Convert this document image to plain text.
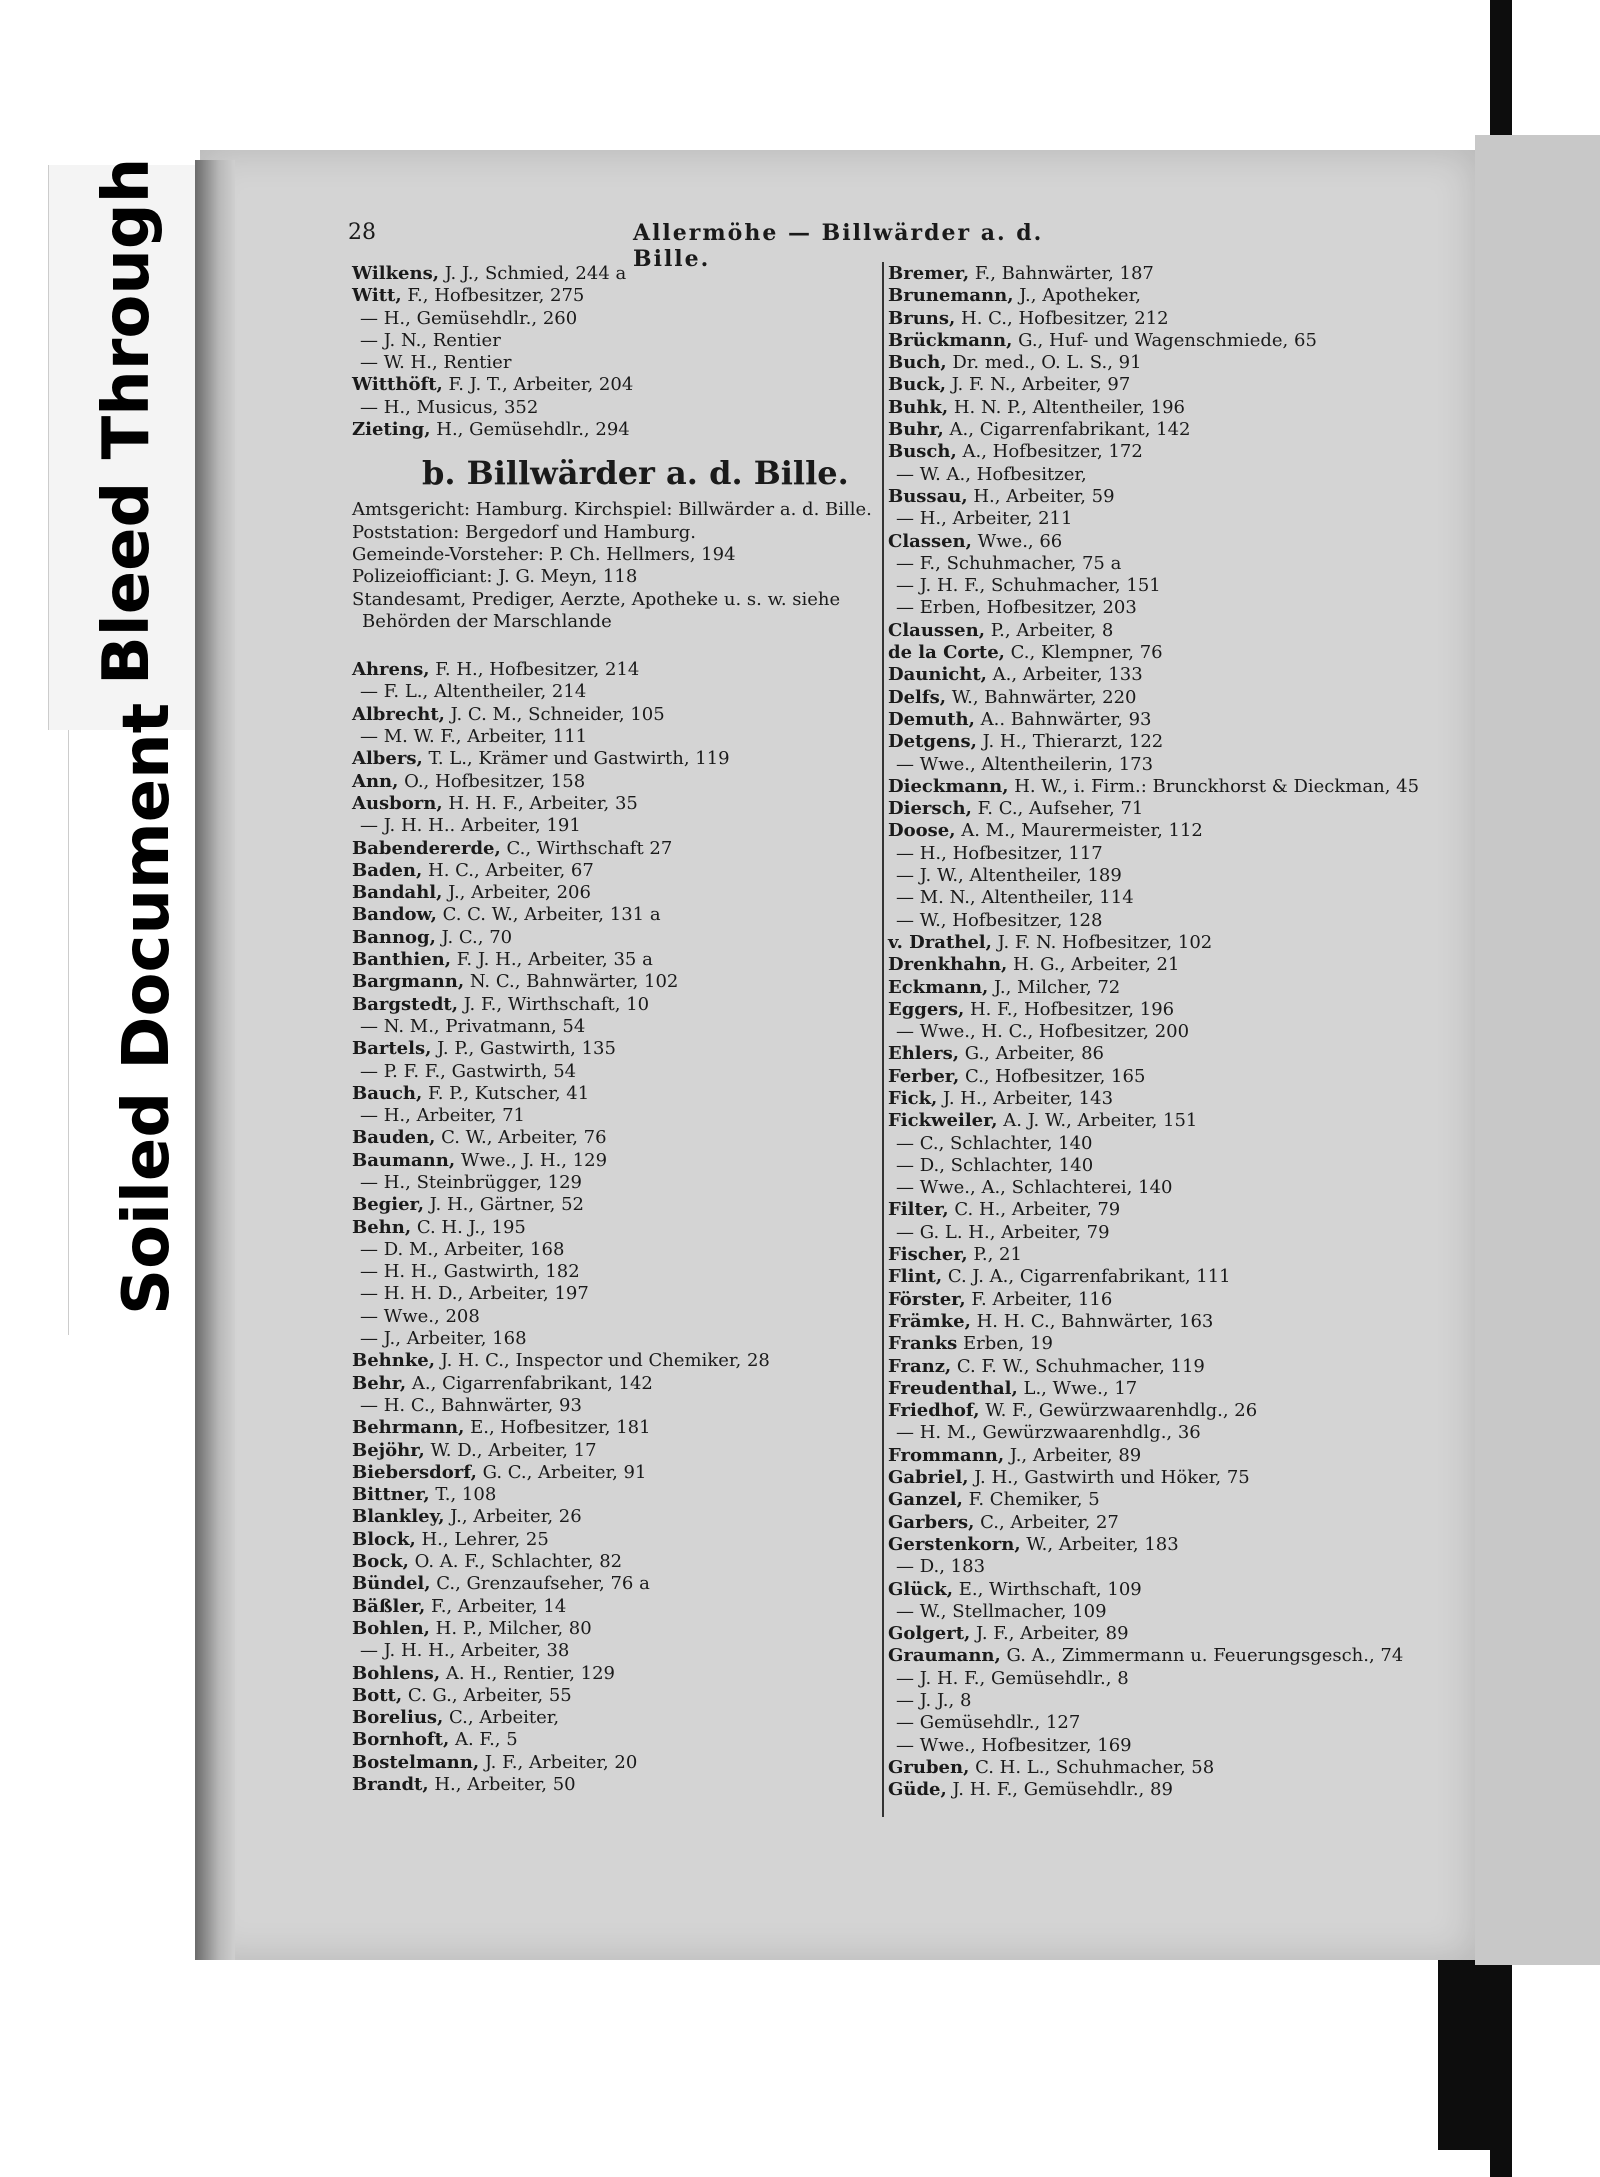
Bleed Through
Soiled Document
28	Allermöhe — Billwärder a. d. Bille.
Wilkens, J. J., Schmied, 244 a
Witt, F., Hofbesitzer, 275
— H., Gemüsehdlr., 260
— J. N., Rentier
— W. H., Rentier
Witthöft, F. J. T., Arbeiter, 204
— H., Musicus, 352
Zieting, H., Gemüsehdlr., 294
b. Billwärder a. d. Bille.
Amtsgericht: Hamburg. Kirchspiel: Billwärder a. d. Bille.
Poststation: Bergedorf und Hamburg.
Gemeinde-Vorsteher: P. Ch. Hellmers, 194
Polizeiofficiant: J. G. Meyn, 118
Standesamt, Prediger, Aerzte, Apotheke u. s. w. siehe
Behörden der Marschlande
Ahrens, F. H., Hofbesitzer, 214
— F. L., Altentheiler, 214
Albrecht, J. C. M., Schneider, 105
— M. W. F., Arbeiter, 111
Albers, T. L., Krämer und Gastwirth, 119
Ann, O., Hofbesitzer, 158
Ausborn, H. H. F., Arbeiter, 35
— J. H. H.. Arbeiter, 191
Babendererde, C., Wirthschaft 27
Baden, H. C., Arbeiter, 67
Bandahl, J., Arbeiter, 206
Bandow, C. C. W., Arbeiter, 131 a
Bannog, J. C., 70
Banthien, F. J. H., Arbeiter, 35 a
Bargmann, N. C., Bahnwärter, 102
Bargstedt, J. F., Wirthschaft, 10
— N. M., Privatmann, 54
Bartels, J. P., Gastwirth, 135
— P. F. F., Gastwirth, 54
Bauch, F. P., Kutscher, 41
— H., Arbeiter, 71
Bauden, C. W., Arbeiter, 76
Baumann, Wwe., J. H., 129
— H., Steinbrügger, 129
Begier, J. H., Gärtner, 52
Behn, C. H. J., 195
— D. M., Arbeiter, 168
— H. H., Gastwirth, 182
— H. H. D., Arbeiter, 197
— Wwe., 208
— J., Arbeiter, 168
Behnke, J. H. C., Inspector und Chemiker, 28
Behr, A., Cigarrenfabrikant, 142
— H. C., Bahnwärter, 93
Behrmann, E., Hofbesitzer, 181
Bejöhr, W. D., Arbeiter, 17
Biebersdorf, G. C., Arbeiter, 91
Bittner, T., 108
Blankley, J., Arbeiter, 26
Block, H., Lehrer, 25
Bock, O. A. F., Schlachter, 82
Bündel, C., Grenzaufseher, 76 a
Bäßler, F., Arbeiter, 14
Bohlen, H. P., Milcher, 80
— J. H. H., Arbeiter, 38
Bohlens, A. H., Rentier, 129
Bott, C. G., Arbeiter, 55
Borelius, C., Arbeiter,
Bornhoft, A. F., 5
Bostelmann, J. F., Arbeiter, 20
Brandt, H., Arbeiter, 50
Bremer, F., Bahnwärter, 187
Brunemann, J., Apotheker,
Bruns, H. C., Hofbesitzer, 212
Brückmann, G., Huf- und Wagenschmiede, 65
Buch, Dr. med., O. L. S., 91
Buck, J. F. N., Arbeiter, 97
Buhk, H. N. P., Altentheiler, 196
Buhr, A., Cigarrenfabrikant, 142
Busch, A., Hofbesitzer, 172
— W. A., Hofbesitzer,
Bussau, H., Arbeiter, 59
— H., Arbeiter, 211
Classen, Wwe., 66
— F., Schuhmacher, 75 a
— J. H. F., Schuhmacher, 151
— Erben, Hofbesitzer, 203
Claussen, P., Arbeiter, 8
de la Corte, C., Klempner, 76
Daunicht, A., Arbeiter, 133
Delfs, W., Bahnwärter, 220
Demuth, A.. Bahnwärter, 93
Detgens, J. H., Thierarzt, 122
— Wwe., Altentheilerin, 173
Dieckmann, H. W., i. Firm.: Brunckhorst & Dieckman, 45
Diersch, F. C., Aufseher, 71
Doose, A. M., Maurermeister, 112
— H., Hofbesitzer, 117
— J. W., Altentheiler, 189
— M. N., Altentheiler, 114
— W., Hofbesitzer, 128
v. Drathel, J. F. N. Hofbesitzer, 102
Drenkhahn, H. G., Arbeiter, 21
Eckmann, J., Milcher, 72
Eggers, H. F., Hofbesitzer, 196
— Wwe., H. C., Hofbesitzer, 200
Ehlers, G., Arbeiter, 86
Ferber, C., Hofbesitzer, 165
Fick, J. H., Arbeiter, 143
Fickweiler, A. J. W., Arbeiter, 151
— C., Schlachter, 140
— D., Schlachter, 140
— Wwe., A., Schlachterei, 140
Filter, C. H., Arbeiter, 79
— G. L. H., Arbeiter, 79
Fischer, P., 21
Flint, C. J. A., Cigarrenfabrikant, 111
Förster, F. Arbeiter, 116
Främke, H. H. C., Bahnwärter, 163
Franks Erben, 19
Franz, C. F. W., Schuhmacher, 119
Freudenthal, L., Wwe., 17
Friedhof, W. F., Gewürzwaarenhdlg., 26
— H. M., Gewürzwaarenhdlg., 36
Frommann, J., Arbeiter, 89
Gabriel, J. H., Gastwirth und Höker, 75
Ganzel, F. Chemiker, 5
Garbers, C., Arbeiter, 27
Gerstenkorn, W., Arbeiter, 183
— D., 183
Glück, E., Wirthschaft, 109
— W., Stellmacher, 109
Golgert, J. F., Arbeiter, 89
Graumann, G. A., Zimmermann u. Feuerungsgesch., 74
— J. H. F., Gemüsehdlr., 8
— J. J., 8
— Gemüsehdlr., 127
— Wwe., Hofbesitzer, 169
Gruben, C. H. L., Schuhmacher, 58
Güde, J. H. F., Gemüsehdlr., 89
